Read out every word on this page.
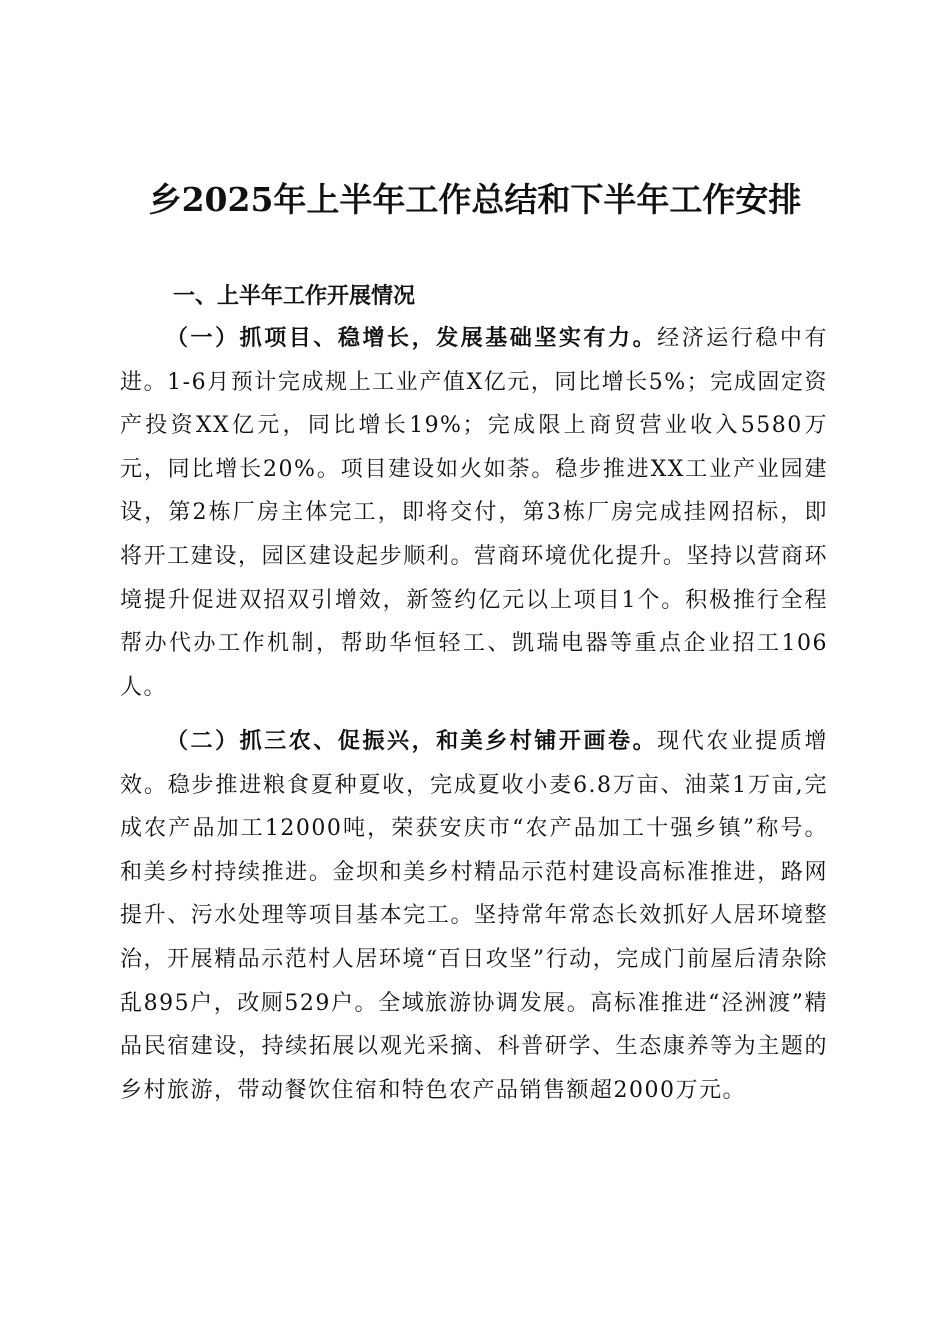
乡2025年上半年工作总结和下半年工作安排
一、上半年工作开展情况

（一）抓项目、稳增长，发展基础坚实有力。经济运行稳中有进。1-6月预计完成规上工业产值X亿元，同比增长5%；完成固定资产投资XX亿元，同比增长19%；完成限上商贸营业收入5580万元，同比增长20%。项目建设如火如荼。稳步推进XX工业产业园建设，第2栋厂房主体完工，即将交付，第3栋厂房完成挂网招标，即将开工建设，园区建设起步顺利。营商环境优化提升。坚持以营商环境提升促进双招双引增效，新签约亿元以上项目1个。积极推行全程帮办代办工作机制，帮助华恒轻工、凯瑞电器等重点企业招工106人。

（二）抓三农、促振兴，和美乡村铺开画卷。现代农业提质增效。稳步推进粮食夏种夏收，完成夏收小麦6.8万亩、油菜1万亩,完成农产品加工12000吨，荣获安庆市“农产品加工十强乡镇”称号。和美乡村持续推进。金坝和美乡村精品示范村建设高标准推进，路网提升、污水处理等项目基本完工。坚持常年常态长效抓好人居环境整治，开展精品示范村人居环境“百日攻坚”行动，完成门前屋后清杂除乱895户，改厕529户。全域旅游协调发展。高标准推进“泾洲渡”精品民宿建设，持续拓展以观光采摘、科普研学、生态康养等为主题的乡村旅游，带动餐饮住宿和特色农产品销售额超2000万元。
